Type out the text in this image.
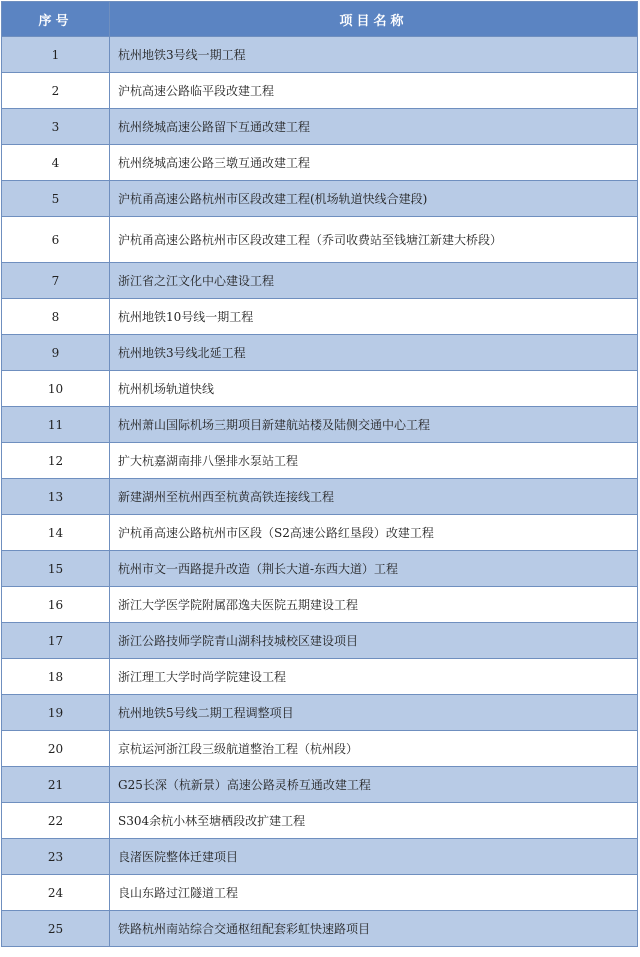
序号	项目名称
1	杭州地铁3号线一期工程
2	沪杭高速公路临平段改建工程
3	杭州绕城高速公路留下互通改建工程
4	杭州绕城高速公路三墩互通改建工程
5	沪杭甬高速公路杭州市区段改建工程(机场轨道快线合建段)
6	沪杭甬高速公路杭州市区段改建工程（乔司收费站至钱塘江新建大桥段）
7	浙江省之江文化中心建设工程
8	杭州地铁10号线一期工程
9	杭州地铁3号线北延工程
10	杭州机场轨道快线
11	杭州萧山国际机场三期项目新建航站楼及陆侧交通中心工程
12	扩大杭嘉湖南排八堡排水泵站工程
13	新建湖州至杭州西至杭黄高铁连接线工程
14	沪杭甬高速公路杭州市区段（S2高速公路红垦段）改建工程
15	杭州市文一西路提升改造（荆长大道-东西大道）工程
16	浙江大学医学院附属邵逸夫医院五期建设工程
17	浙江公路技师学院青山湖科技城校区建设项目
18	浙江理工大学时尚学院建设工程
19	杭州地铁5号线二期工程调整项目
20	京杭运河浙江段三级航道整治工程（杭州段）
21	G25长深（杭新景）高速公路灵桥互通改建工程
22	S304余杭小林至塘栖段改扩建工程
23	良渚医院整体迁建项目
24	良山东路过江隧道工程
25	铁路杭州南站综合交通枢纽配套彩虹快速路项目
